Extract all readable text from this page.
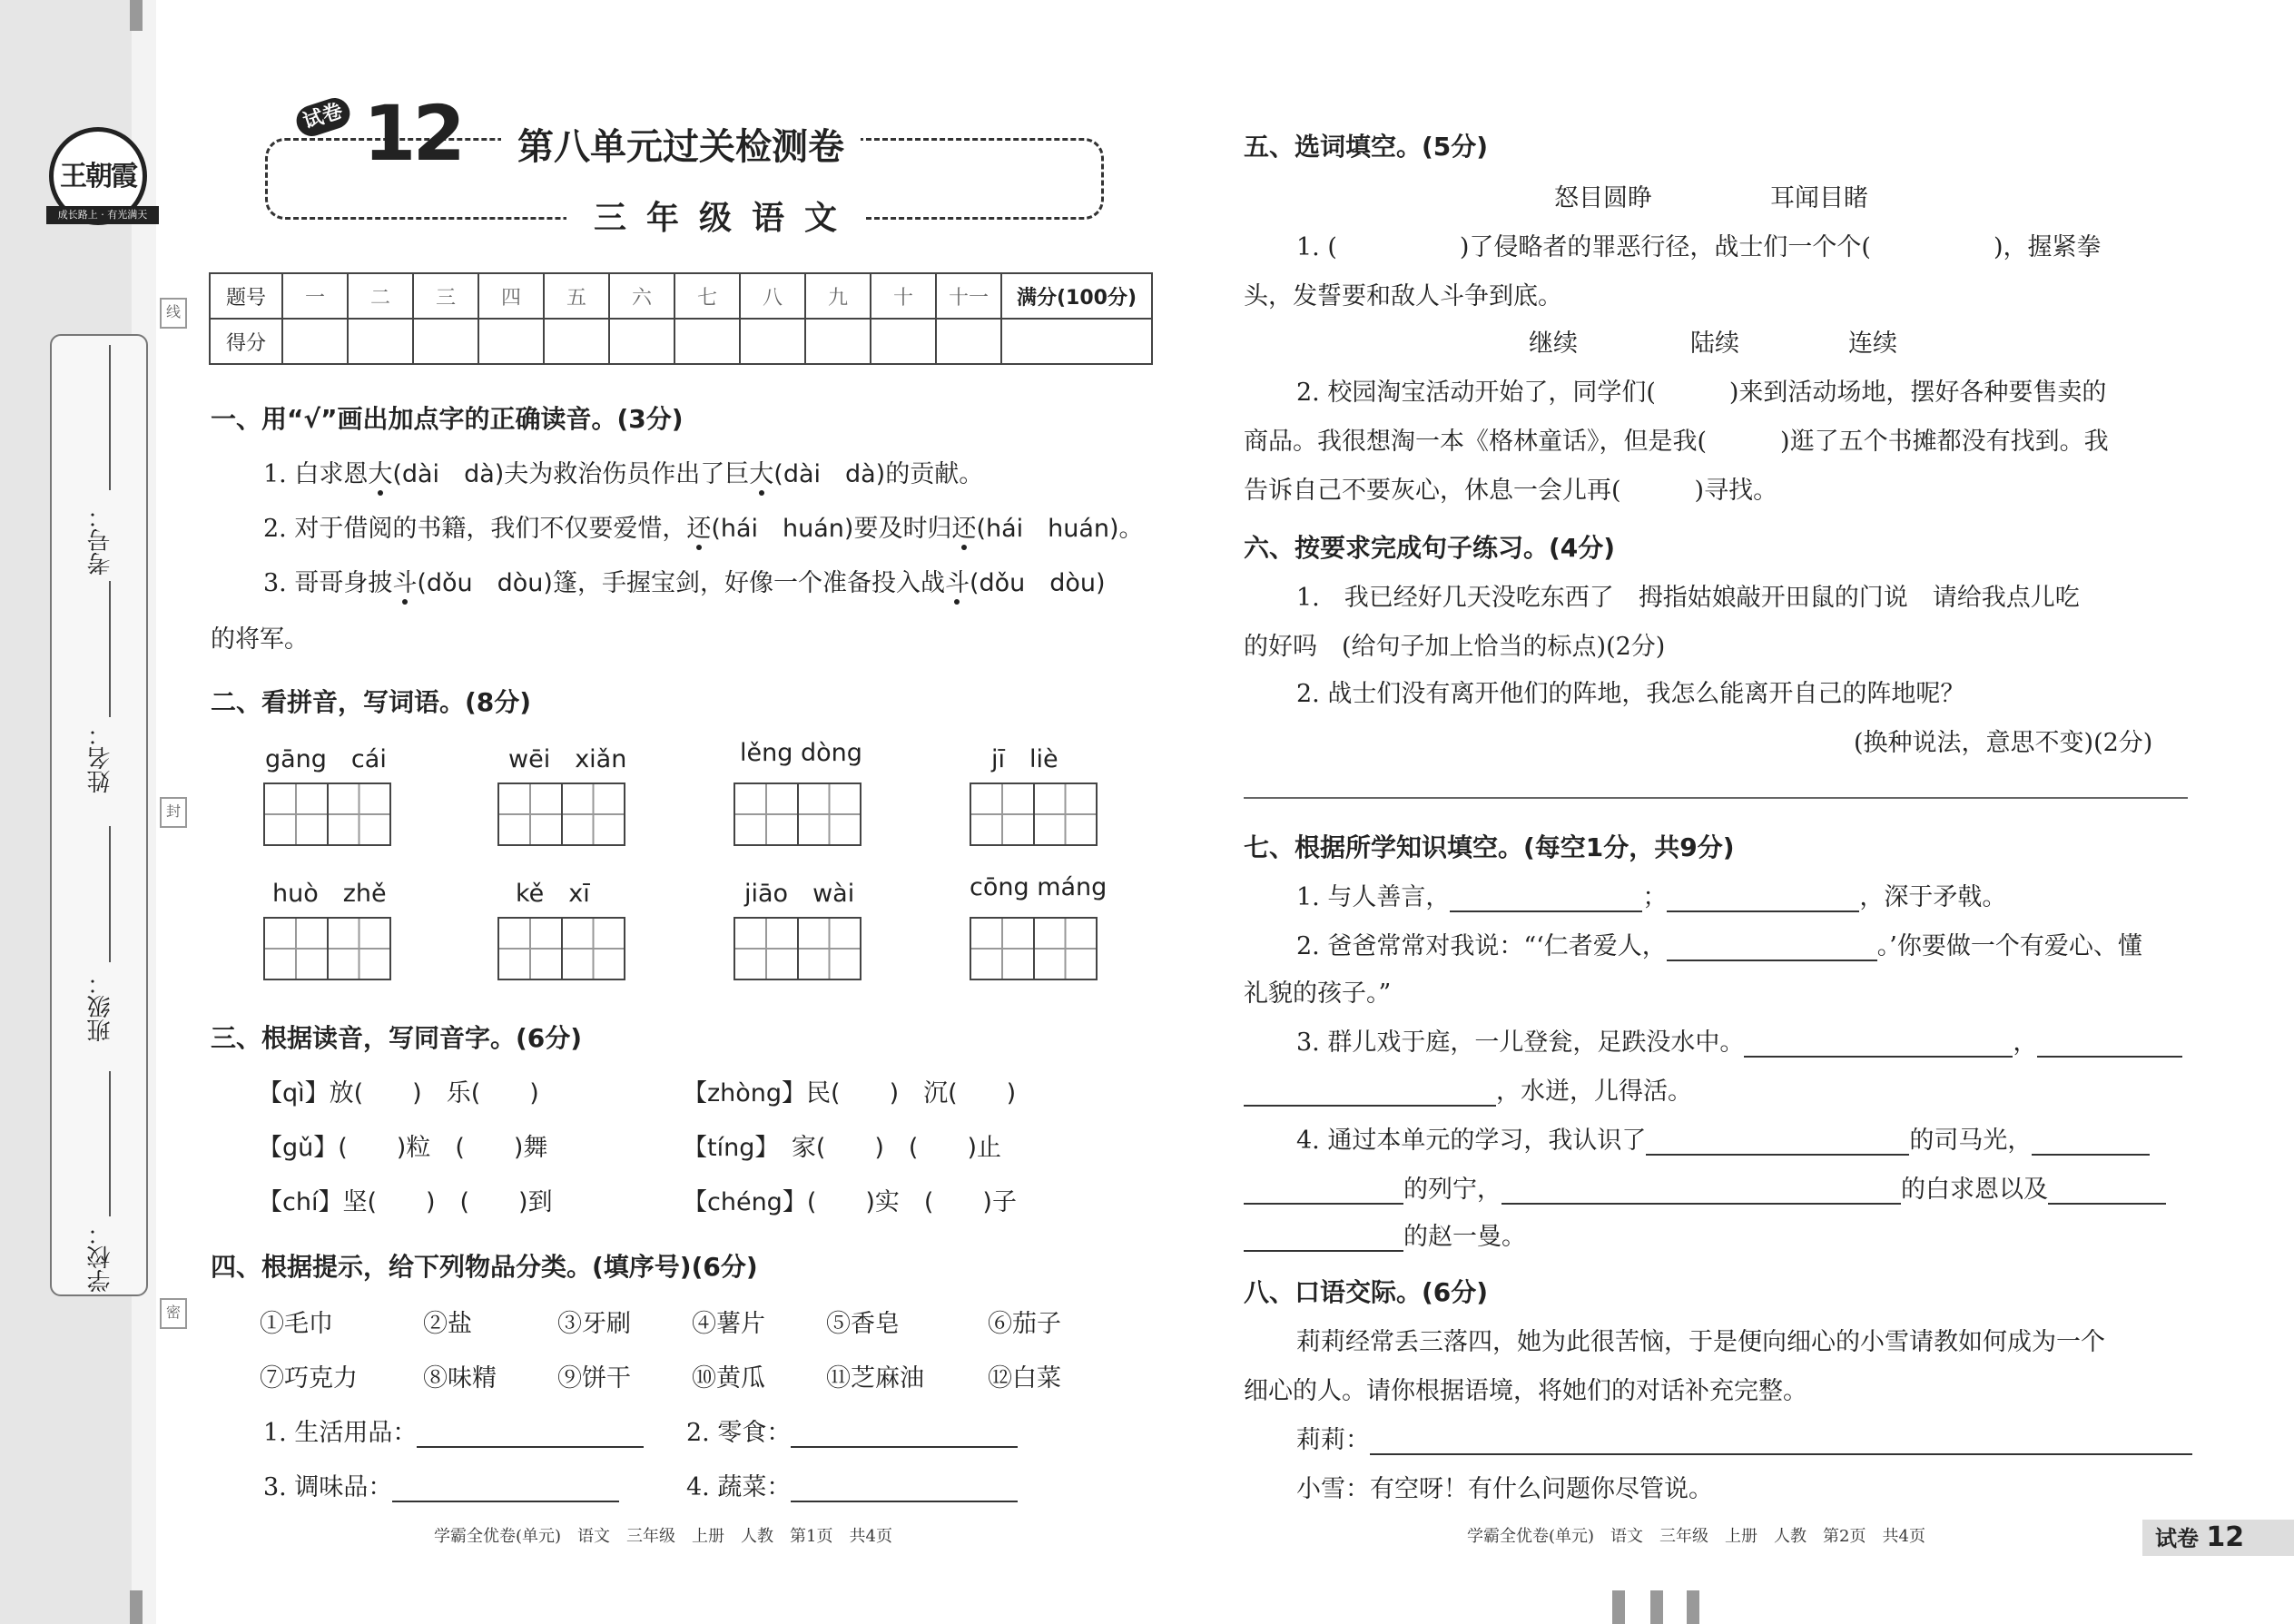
王朝霞
成长路上 · 有光满天
考号：
姓名：
班级：
学校：
线
封
密
试卷 12	第八单元过关检测卷
三年级语文
题号	一	二	三	四	五	六	七	八	九	十	十一	满分(100分)
得分												
一、用“√”画出加点字的正确读音。(3分)
1. 白求恩大(dài　dà)夫为救治伤员作出了巨大(dài　dà)的贡献。
2. 对于借阅的书籍，我们不仅要爱惜，还(hái　huán)要及时归还(hái　huán)。
3. 哥哥身披斗(dǒu　dòu)篷，手握宝剑，好像一个准备投入战斗(dǒu　dòu)
的将军。
二、看拼音，写词语。(8分)
gāng　cái	wēi　xiǎn	lěng dòng	jī　liè
huò　zhě	kě　xī	jiāo　wài	cōng máng
三、根据读音，写同音字。(6分)
【qì】放(　　)　乐(　　)	【zhòng】民(　　)　沉(　　)
【gǔ】(　　)粒　(　　)舞	【tíng】　家(　　)　(　　)止
【chí】坚(　　)　(　　)到	【chéng】(　　)实　(　　)子
四、根据提示，给下列物品分类。(填序号)(6分)
①毛巾	②盐	③牙刷 ④薯片 ⑤香皂	⑥茄子
⑦巧克力	⑧味精 ⑨饼干 ⑩黄瓜 ⑪芝麻油	⑫白菜
1. 生活用品：	2. 零食：
3. 调味品：	4. 蔬菜：
学霸全优卷(单元)　语文　三年级　上册　人教　第1页　共4页
五、选词填空。(5分)
怒目圆睁	耳闻目睹
1. (　　　　　)了侵略者的罪恶行径，战士们一个个(　　　　　)，握紧拳
头，发誓要和敌人斗争到底。
继续	陆续	连续
2. 校园淘宝活动开始了，同学们(　　　)来到活动场地，摆好各种要售卖的
商品。我很想淘一本《格林童话》，但是我(　　　)逛了五个书摊都没有找到。我
告诉自己不要灰心，休息一会儿再(　　　)寻找。
六、按要求完成句子练习。(4分)
1.　我已经好几天没吃东西了　拇指姑娘敲开田鼠的门说　请给我点儿吃
的好吗　(给句子加上恰当的标点)(2分)
2. 战士们没有离开他们的阵地，我怎么能离开自己的阵地呢？
(换种说法，意思不变)(2分)
七、根据所学知识填空。(每空1分，共9分)
1. 与人善言，	；	，深于矛戟。
2. 爸爸常常对我说：“‘仁者爱人，	。’你要做一个有爱心、懂
礼貌的孩子。”
3. 群儿戏于庭，一儿登瓮，足跌没水中。	，
，水迸，儿得活。
4. 通过本单元的学习，我认识了	的司马光，
的列宁，	的白求恩以及
的赵一曼。
八、口语交际。(6分)
莉莉经常丢三落四，她为此很苦恼，于是便向细心的小雪请教如何成为一个
细心的人。请你根据语境，将她们的对话补充完整。
莉莉：
小雪：有空呀！有什么问题你尽管说。
学霸全优卷(单元)　语文　三年级　上册　人教　第2页　共4页	试卷 12
